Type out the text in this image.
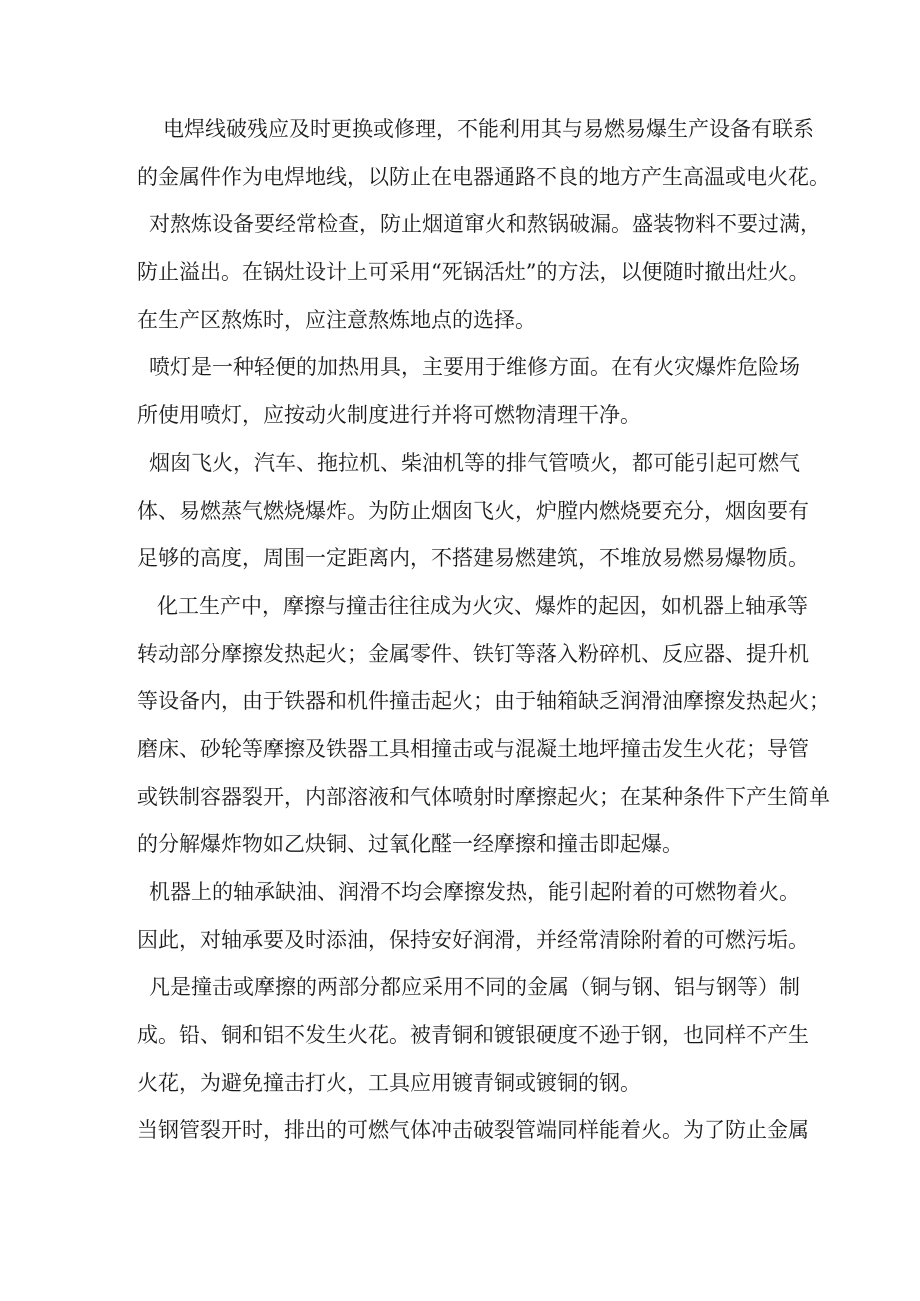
电焊线破残应及时更换或修理，不能利用其与易燃易爆生产设备有联系
的金属件作为电焊地线，以防止在电器通路不良的地方产生高温或电火花。
对熬炼设备要经常检查，防止烟道窜火和熬锅破漏。盛装物料不要过满，
防止溢出。在锅灶设计上可采用“死锅活灶”的方法，以便随时撤出灶火。
在生产区熬炼时，应注意熬炼地点的选择。
喷灯是一种轻便的加热用具，主要用于维修方面。在有火灾爆炸危险场
所使用喷灯，应按动火制度进行并将可燃物清理干净。
烟囱飞火，汽车、拖拉机、柴油机等的排气管喷火，都可能引起可燃气
体、易燃蒸气燃烧爆炸。为防止烟囱飞火，炉膛内燃烧要充分，烟囱要有
足够的高度，周围一定距离内，不搭建易燃建筑，不堆放易燃易爆物质。
化工生产中，摩擦与撞击往往成为火灾、爆炸的起因，如机器上轴承等
转动部分摩擦发热起火；金属零件、铁钉等落入粉碎机、反应器、提升机
等设备内，由于铁器和机件撞击起火；由于轴箱缺乏润滑油摩擦发热起火；
磨床、砂轮等摩擦及铁器工具相撞击或与混凝土地坪撞击发生火花；导管
或铁制容器裂开，内部溶液和气体喷射时摩擦起火；在某种条件下产生简单
的分解爆炸物如乙炔铜、过氧化醛一经摩擦和撞击即起爆。
机器上的轴承缺油、润滑不均会摩擦发热，能引起附着的可燃物着火。
因此，对轴承要及时添油，保持安好润滑，并经常清除附着的可燃污垢。
凡是撞击或摩擦的两部分都应采用不同的金属（铜与钢、铝与钢等）制
成。铅、铜和铝不发生火花。被青铜和镀银硬度不逊于钢，也同样不产生
火花，为避免撞击打火，工具应用镀青铜或镀铜的钢。
当钢管裂开时，排出的可燃气体冲击破裂管端同样能着火。为了防止金属
